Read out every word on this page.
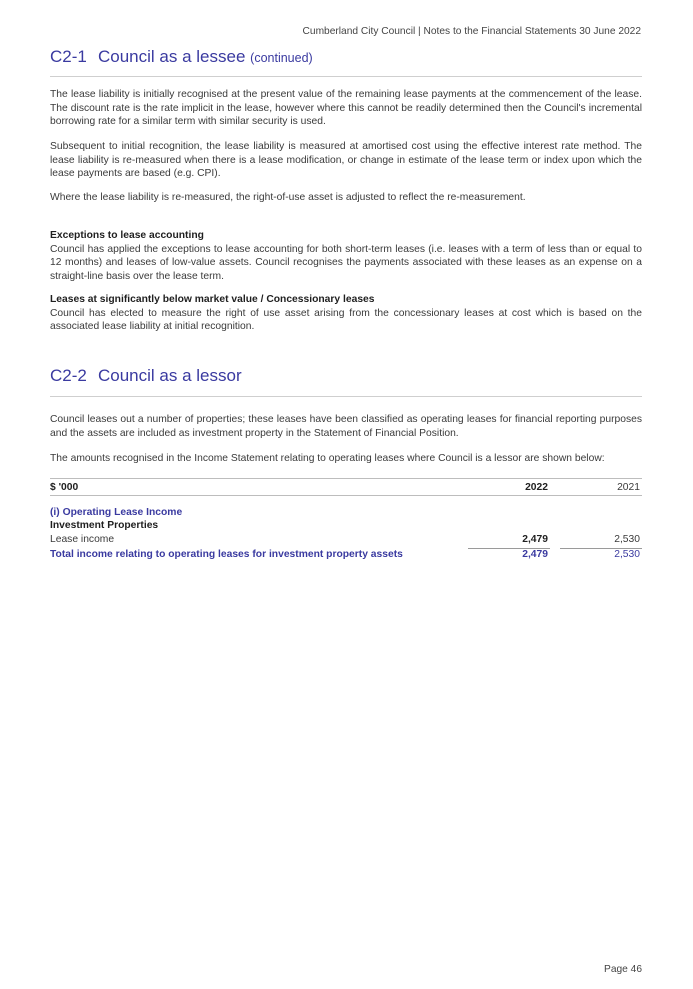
Cumberland City Council | Notes to the Financial Statements 30 June 2022
C2-1 Council as a lessee (continued)

The lease liability is initially recognised at the present value of the remaining lease payments at the commencement of the lease. The discount rate is the rate implicit in the lease, however where this cannot be readily determined then the Council's incremental borrowing rate for a similar term with similar security is used.

Subsequent to initial recognition, the lease liability is measured at amortised cost using the effective interest rate method. The lease liability is re-measured when there is a lease modification, or change in estimate of the lease term or index upon which the lease payments are based (e.g. CPI).

Where the lease liability is re-measured, the right-of-use asset is adjusted to reflect the re-measurement.

Exceptions to lease accounting
Council has applied the exceptions to lease accounting for both short-term leases (i.e. leases with a term of less than or equal to 12 months) and leases of low-value assets. Council recognises the payments associated with these leases as an expense on a straight-line basis over the lease term.
Leases at significantly below market value / Concessionary leases
Council has elected to measure the right of use asset arising from the concessionary leases at cost which is based on the associated lease liability at initial recognition.
C2-2 Council as a lessor

Council leases out a number of properties; these leases have been classified as operating leases for financial reporting purposes and the assets are included as investment property in the Statement of Financial Position.

The amounts recognised in the Income Statement relating to operating leases where Council is a lessor are shown below:

$ '000	2022	2021
(i) Operating Lease Income
Investment Properties
Lease income	2,479	2,530
Total income relating to operating leases for investment property assets	2,479	2,530
Page 46
